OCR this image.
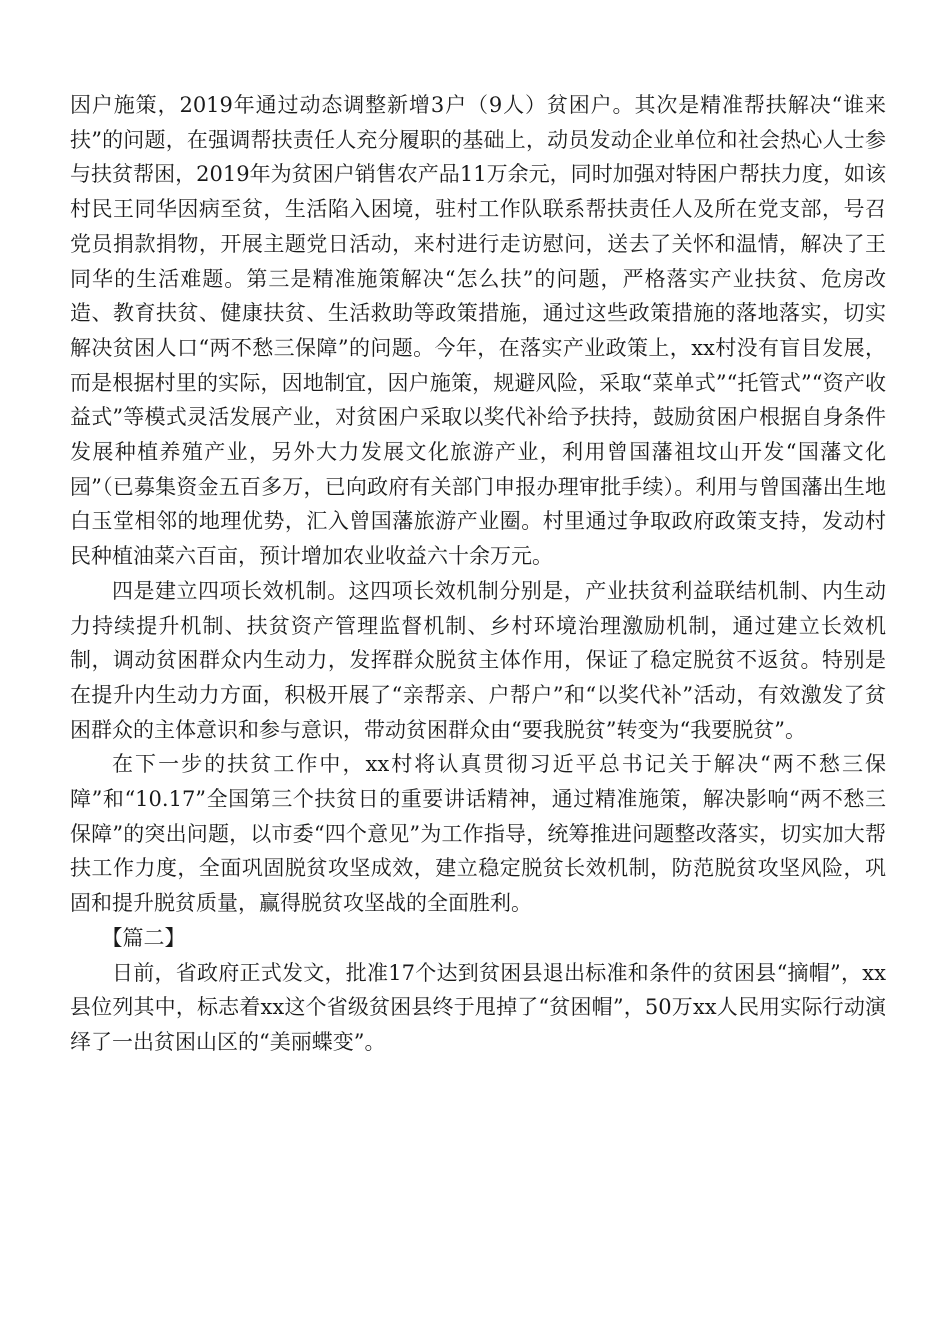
因户施策，2019年通过动态调整新增3户（9人）贫困户。其次是精准帮扶解决“谁来扶”的问题，在强调帮扶责任人充分履职的基础上，动员发动企业单位和社会热心人士参与扶贫帮困，2019年为贫困户销售农产品11万余元，同时加强对特困户帮扶力度，如该村民王同华因病至贫，生活陷入困境，驻村工作队联系帮扶责任人及所在党支部，号召党员捐款捐物，开展主题党日活动，来村进行走访慰问，送去了关怀和温情，解决了王同华的生活难题。第三是精准施策解决“怎么扶”的问题，严格落实产业扶贫、危房改造、教育扶贫、健康扶贫、生活救助等政策措施，通过这些政策措施的落地落实，切实解决贫困人口“两不愁三保障”的问题。今年，在落实产业政策上，xx村没有盲目发展，而是根据村里的实际，因地制宜，因户施策，规避风险，采取“菜单式”“托管式”“资产收益式”等模式灵活发展产业，对贫困户采取以奖代补给予扶持，鼓励贫困户根据自身条件发展种植养殖产业，另外大力发展文化旅游产业，利用曾国藩祖坟山开发“国藩文化园”（已募集资金五百多万，已向政府有关部门申报办理审批手续）。利用与曾国藩出生地白玉堂相邻的地理优势，汇入曾国藩旅游产业圈。村里通过争取政府政策支持，发动村民种植油菜六百亩，预计增加农业收益六十余万元。

四是建立四项长效机制。这四项长效机制分别是，产业扶贫利益联结机制、内生动力持续提升机制、扶贫资产管理监督机制、乡村环境治理激励机制，通过建立长效机制，调动贫困群众内生动力，发挥群众脱贫主体作用，保证了稳定脱贫不返贫。特别是在提升内生动力方面，积极开展了“亲帮亲、户帮户”和“以奖代补”活动，有效激发了贫困群众的主体意识和参与意识，带动贫困群众由“要我脱贫”转变为“我要脱贫”。

在下一步的扶贫工作中，xx村将认真贯彻习近平总书记关于解决“两不愁三保障”和“10.17”全国第三个扶贫日的重要讲话精神，通过精准施策，解决影响“两不愁三保障”的突出问题，以市委“四个意见”为工作指导，统筹推进问题整改落实，切实加大帮扶工作力度，全面巩固脱贫攻坚成效，建立稳定脱贫长效机制，防范脱贫攻坚风险，巩固和提升脱贫质量，赢得脱贫攻坚战的全面胜利。

【篇二】

日前，省政府正式发文，批准17个达到贫困县退出标准和条件的贫困县“摘帽”，xx县位列其中，标志着xx这个省级贫困县终于甩掉了“贫困帽”，50万xx人民用实际行动演绎了一出贫困山区的“美丽蝶变”。
